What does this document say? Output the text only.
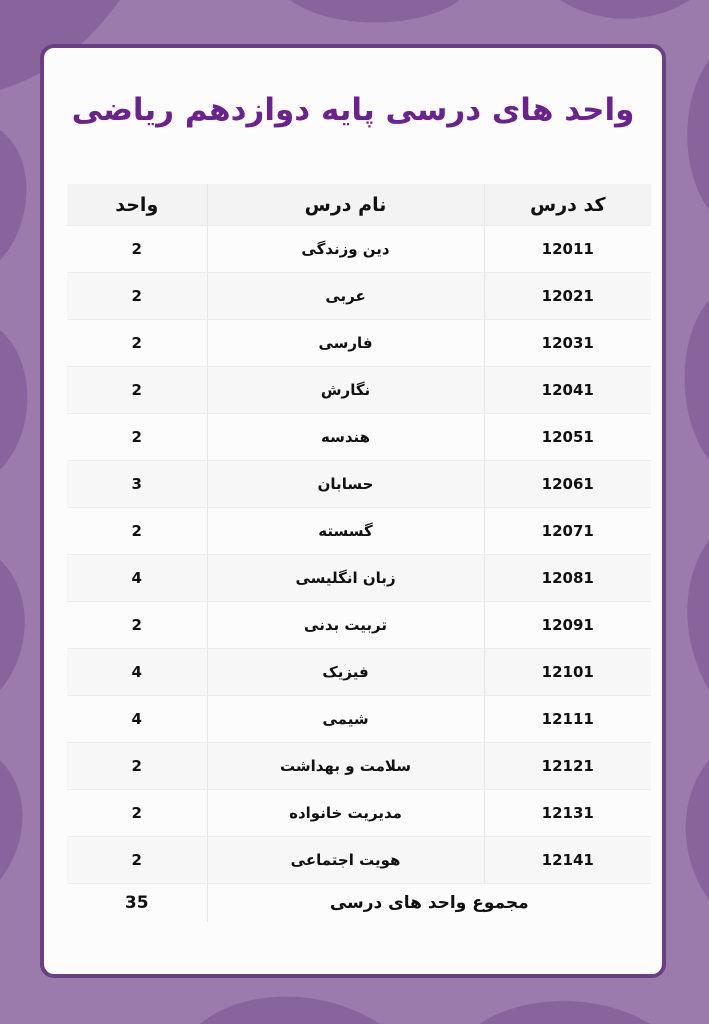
واحد های درسی پایه دوازدهم ریاضی
واحد	نام درس	کد درس
2	دین وزندگی	12011
2	عربی	12021
2	فارسی	12031
2	نگارش	12041
2	هندسه	12051
3	حسابان	12061
2	گسسته	12071
4	زبان انگلیسی	12081
2	تربیت بدنی	12091
4	فیزیک	12101
4	شیمی	12111
2	سلامت و بهداشت	12121
2	مدیریت خانواده	12131
2	هویت اجتماعی	12141
35	مجموع واحد های درسی	
